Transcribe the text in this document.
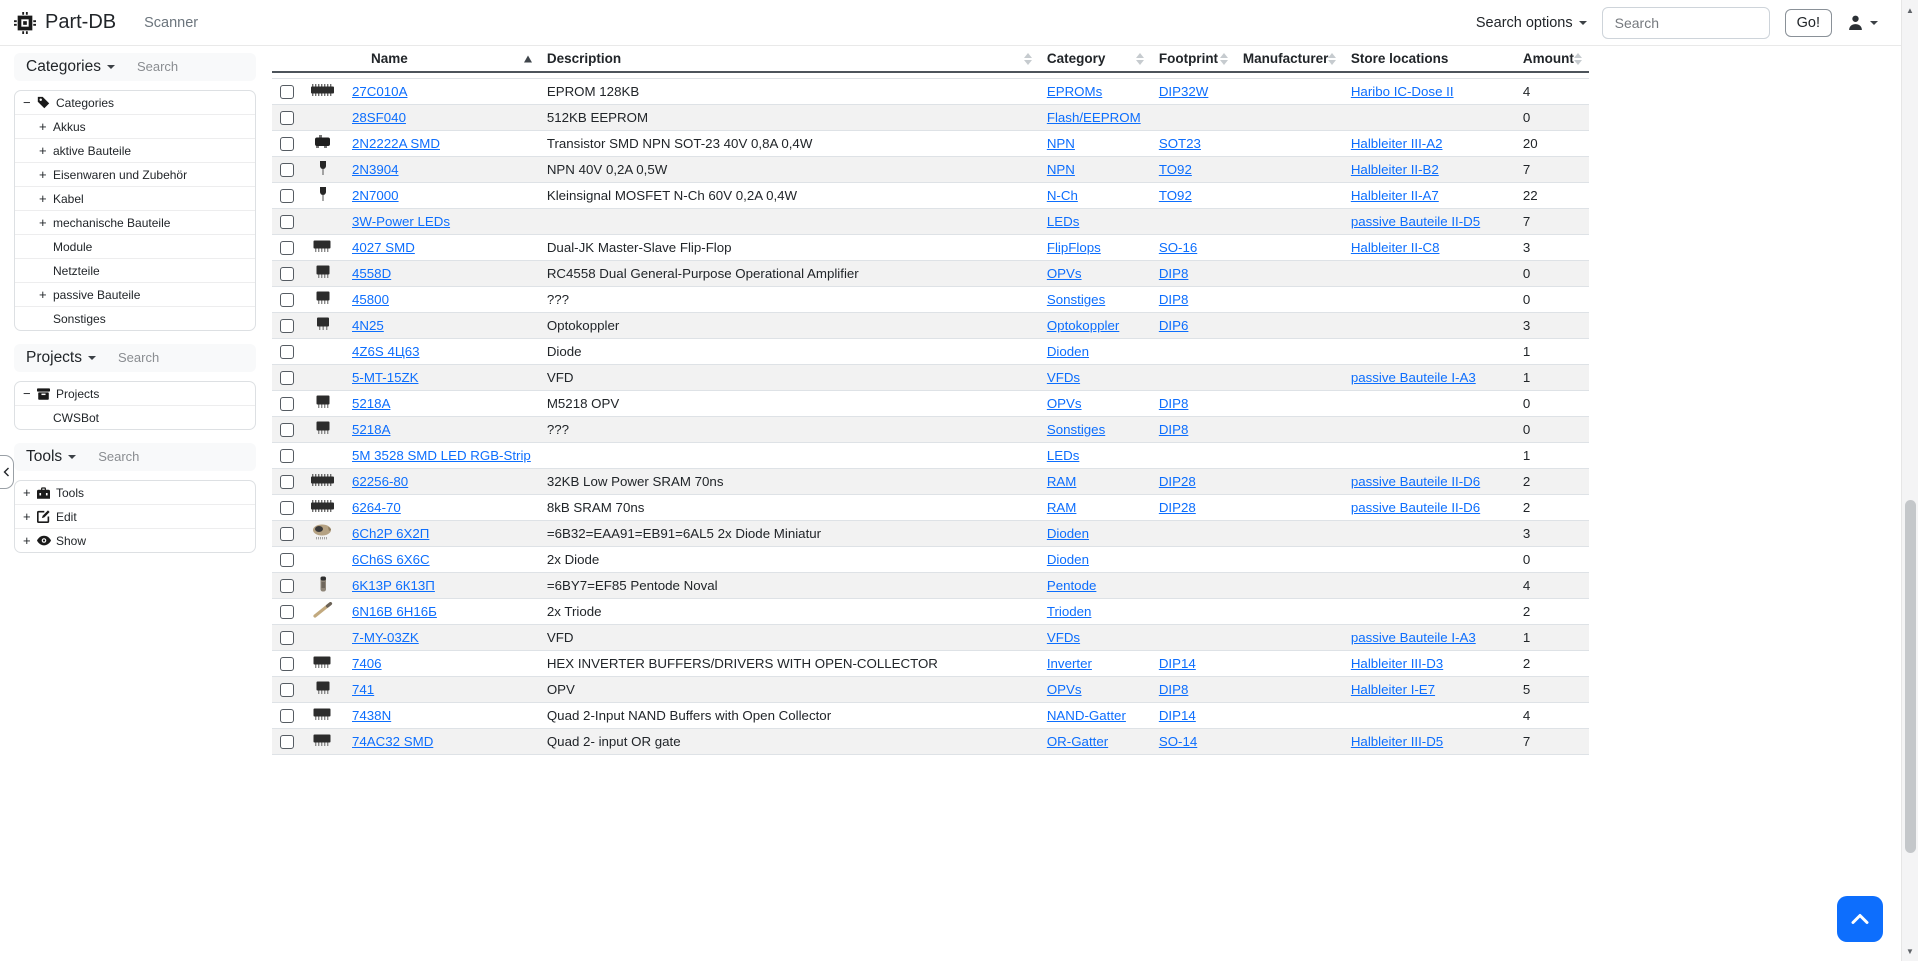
Part-DB Scanner	Search options
Search	Go!
Categories
Search
−	Categories
+ Akkus
+ aktive Bauteile
+ Eisenwaren und Zubehör
+ Kabel
+ mechanische Bauteile
Module
Netzteile
+ passive Bauteile
Sonstiges
Projects
Search
−	Projects
CWSBot
Tools
Search
+	Tools
+	Edit
+	Show
		Name	Description	Category	Footprint	Manufacturer	Store locations	Amount

	27C010A	EPROM 128KB	EPROMs	DIP32W		Haribo IC-Dose II	4
		28SF040	512KB EEPROM	Flash/EEPROM				0

	2N2222A SMD	Transistor SMD NPN SOT-23 40V 0,8A 0,4W	NPN	SOT23		Halbleiter III-A2	20

	2N3904	NPN 40V 0,2A 0,5W	NPN	TO92		Halbleiter II-B2	7

	2N7000	Kleinsignal MOSFET N-Ch 60V 0,2A 0,4W	N-Ch	TO92		Halbleiter II-A7	22
		3W-Power LEDs		LEDs			passive Bauteile II-D5	7

	4027 SMD	Dual-JK Master-Slave Flip-Flop	FlipFlops	SO-16		Halbleiter II-C8	3

	4558D	RC4558 Dual General-Purpose Operational Amplifier	OPVs	DIP8			0

	45800	???	Sonstiges	DIP8			0

	4N25	Optokoppler	Optokoppler	DIP6			3
		4Z6S 4Ц63	Diode	Dioden				1
		5-MT-15ZK	VFD	VFDs			passive Bauteile I-A3	1

	5218A	M5218 OPV	OPVs	DIP8			0

	5218A	???	Sonstiges	DIP8			0
		5M 3528 SMD LED RGB-Strip		LEDs				1

	62256-80	32KB Low Power SRAM 70ns	RAM	DIP28		passive Bauteile II-D6	2

	6264-70	8kB SRAM 70ns	RAM	DIP28		passive Bauteile II-D6	2

	6Ch2P 6Х2П	=6B32=EAA91=EB91=6AL5 2x Diode Miniatur	Dioden				3
		6Ch6S 6Х6С	2x Diode	Dioden				0

	6K13P 6К13П	=6BY7=EF85 Pentode Noval	Pentode				4

	6N16B 6Н16Б	2x Triode	Trioden				2
		7-MY-03ZK	VFD	VFDs			passive Bauteile I-A3	1

	7406	HEX INVERTER BUFFERS/DRIVERS WITH OPEN-COLLECTOR	Inverter	DIP14		Halbleiter III-D3	2

	741	OPV	OPVs	DIP8		Halbleiter I-E7	5

	7438N	Quad 2-Input NAND Buffers with Open Collector	NAND-Gatter	DIP14			4

	74AC32 SMD	Quad 2- input OR gate	OR-Gatter	SO-14		Halbleiter III-D5	7
▲
▼
